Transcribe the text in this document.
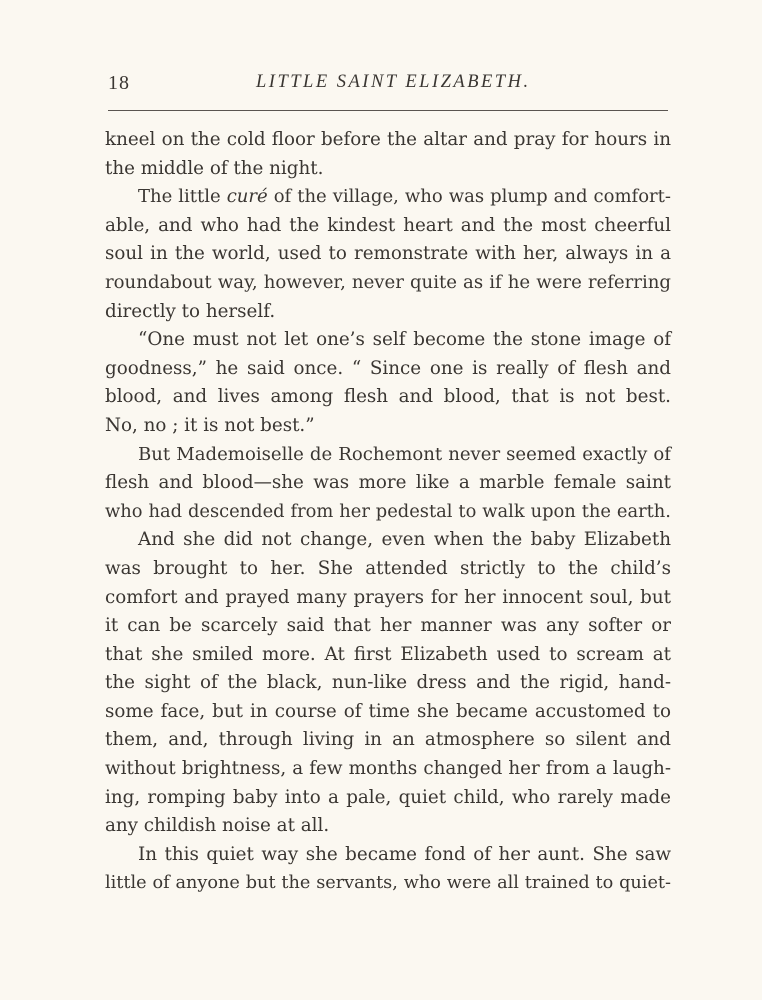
18	LITTLE SAINT ELIZABETH.
kneel on the cold floor before the altar and pray for hours in
the middle of the night.
The little curé of the village, who was plump and comfort-
able, and who had the kindest heart and the most cheerful
soul in the world, used to remonstrate with her, always in a
roundabout way, however, never quite as if he were referring
directly to herself.
“One must not let one’s self become the stone image of
goodness,” he said once. “ Since one is really of flesh and
blood, and lives among flesh and blood, that is not best.
No, no ; it is not best.”
But Mademoiselle de Rochemont never seemed exactly of
flesh and blood—she was more like a marble female saint
who had descended from her pedestal to walk upon the earth.
And she did not change, even when the baby Elizabeth
was brought to her. She attended strictly to the child’s
comfort and prayed many prayers for her innocent soul, but
it can be scarcely said that her manner was any softer or
that she smiled more. At first Elizabeth used to scream at
the sight of the black, nun-like dress and the rigid, hand-
some face, but in course of time she became accustomed to
them, and, through living in an atmosphere so silent and
without brightness, a few months changed her from a laugh-
ing, romping baby into a pale, quiet child, who rarely made
any childish noise at all.
In this quiet way she became fond of her aunt. She saw
little of anyone but the servants, who were all trained to quiet-
